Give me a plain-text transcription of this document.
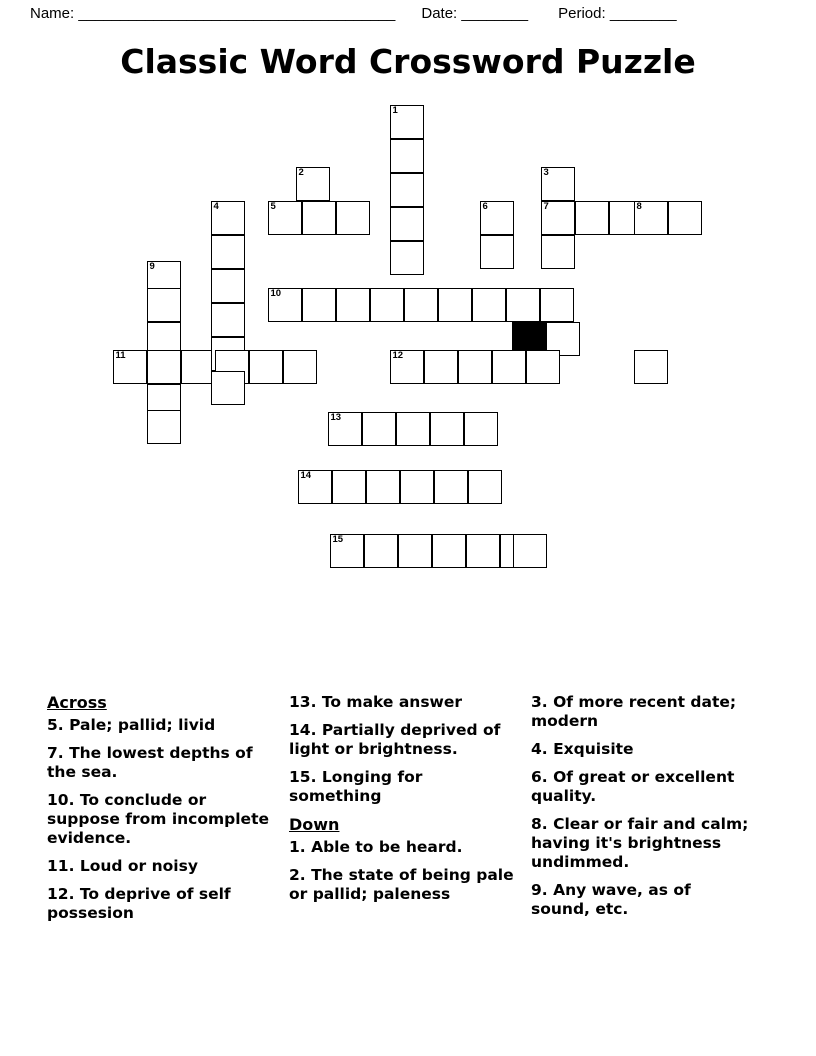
Name: ______________________________________ Date: ________ Period: ________
Classic Word Crossword Puzzle
1
2	3
4	5	6	7	8
9
10
11	12
13
14
15
Across
5. Pale; pallid; livid
7. The lowest depths of the sea.
10. To conclude or suppose from incomplete evidence.
11. Loud or noisy
12. To deprive of self possesion
13. To make answer
14. Partially deprived of light or brightness.
15. Longing for something
Down
1. Able to be heard.
2. The state of being pale or pallid; paleness
3. Of more recent date; modern
4. Exquisite
6. Of great or excellent quality.
8. Clear or fair and calm; having it's brightness undimmed.
9. Any wave, as of sound, etc.
